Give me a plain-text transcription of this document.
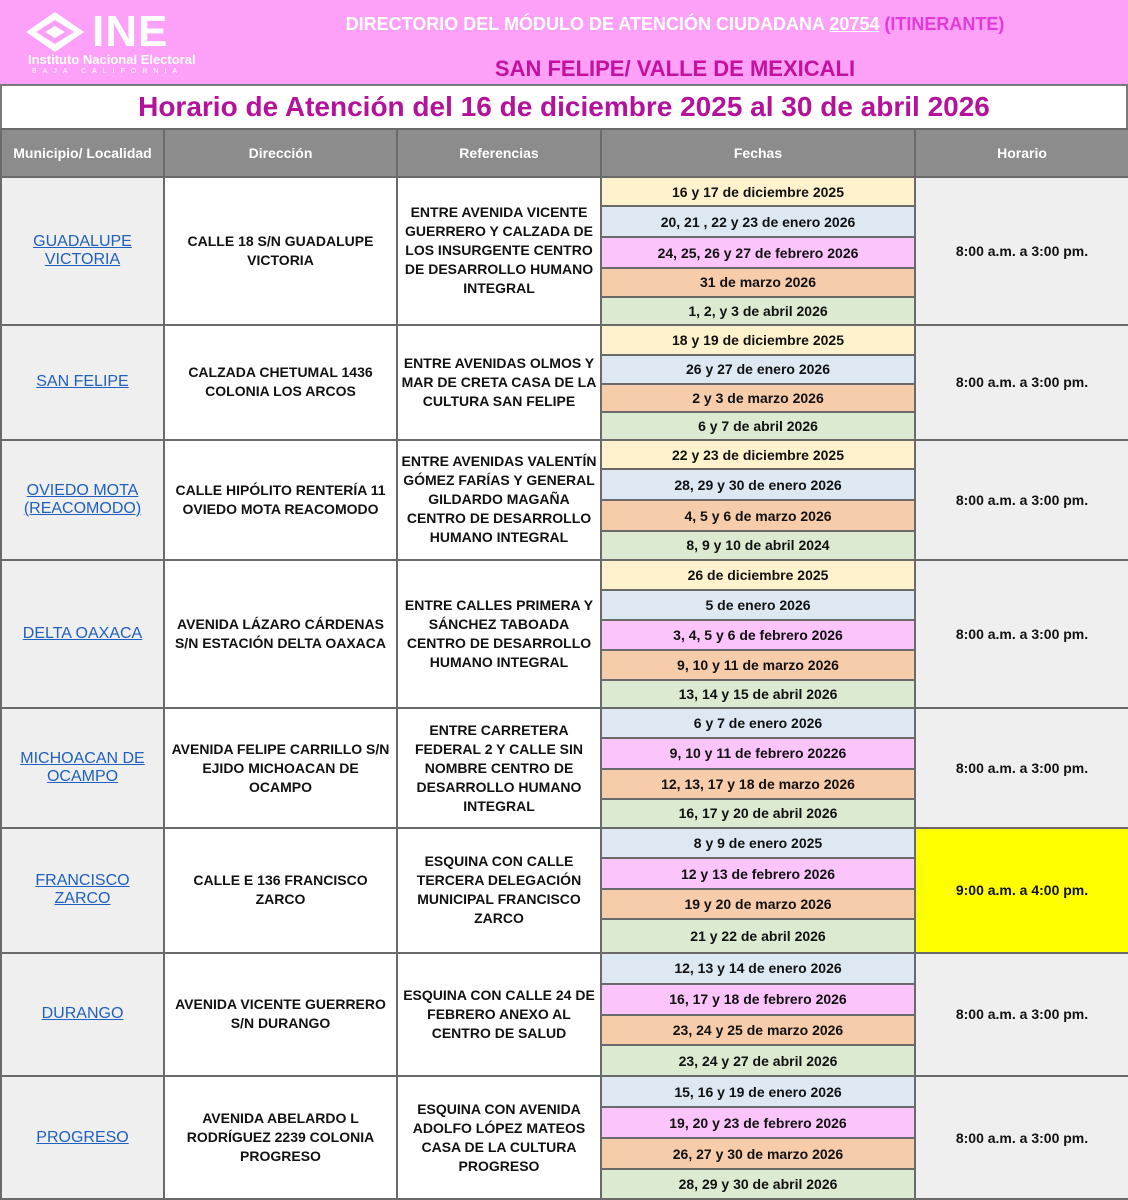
INE
Instituto Nacional Electoral
BAJA CALIFORNIA
DIRECTORIO DEL MÓDULO DE ATENCIÓN CIUDADANA 20754 (ITINERANTE)
SAN FELIPE/ VALLE DE MEXICALI
Horario de Atención del 16 de diciembre 2025 al 30 de abril 2026
Municipio/ Localidad	Dirección	Referencias	Fechas	Horario
GUADALUPE VICTORIA	CALLE 18 S/N GUADALUPE VICTORIA	ENTRE AVENIDA VICENTE GUERRERO Y CALZADA DE LOS INSURGENTE CENTRO DE DESARROLLO HUMANO INTEGRAL	16 y 17 de diciembre 2025	8:00 a.m. a 3:00 pm.
			20, 21 , 22 y 23 de enero 2026	
			24, 25, 26 y 27 de febrero 2026	
			31 de marzo 2026	
			1, 2, y 3 de abril 2026	
SAN FELIPE	CALZADA CHETUMAL 1436 COLONIA LOS ARCOS	ENTRE AVENIDAS OLMOS Y MAR DE CRETA CASA DE LA CULTURA SAN FELIPE	18 y 19 de diciembre 2025	8:00 a.m. a 3:00 pm.
			26 y 27 de enero 2026	
			2 y 3 de marzo 2026	
			6 y 7 de abril 2026	
OVIEDO MOTA (REACOMODO)	CALLE HIPÓLITO RENTERÍA 11 OVIEDO MOTA REACOMODO	ENTRE AVENIDAS VALENTÍN GÓMEZ FARÍAS Y GENERAL GILDARDO MAGAÑA CENTRO DE DESARROLLO HUMANO INTEGRAL	22 y 23 de diciembre 2025	8:00 a.m. a 3:00 pm.
			28, 29 y 30 de enero 2026	
			4, 5 y 6 de marzo 2026	
			8, 9 y 10 de abril 2024	
DELTA OAXACA	AVENIDA LÁZARO CÁRDENAS S/N ESTACIÓN DELTA OAXACA	ENTRE CALLES PRIMERA Y SÁNCHEZ TABOADA CENTRO DE DESARROLLO HUMANO INTEGRAL	26 de diciembre 2025	8:00 a.m. a 3:00 pm.
			5 de enero 2026	
			3, 4, 5 y 6 de febrero 2026	
			9, 10 y 11 de marzo 2026	
			13, 14 y 15 de abril 2026	
MICHOACAN DE OCAMPO	AVENIDA FELIPE CARRILLO S/N EJIDO MICHOACAN DE OCAMPO	ENTRE CARRETERA FEDERAL 2 Y CALLE SIN NOMBRE CENTRO DE DESARROLLO HUMANO INTEGRAL	6 y 7 de enero 2026	8:00 a.m. a 3:00 pm.
			9, 10 y 11 de febrero 20226	
			12, 13, 17 y 18 de marzo 2026	
			16, 17 y 20 de abril 2026	
FRANCISCO ZARCO	CALLE E 136 FRANCISCO ZARCO	ESQUINA CON CALLE TERCERA DELEGACIÓN MUNICIPAL FRANCISCO ZARCO	8 y 9 de enero 2025	9:00 a.m. a 4:00 pm.
			12 y 13 de febrero 2026	
			19 y 20 de marzo 2026	
			21 y 22 de abril 2026	
DURANGO	AVENIDA VICENTE GUERRERO S/N DURANGO	ESQUINA CON CALLE 24 DE FEBRERO ANEXO AL CENTRO DE SALUD	12, 13 y 14 de enero 2026	8:00 a.m. a 3:00 pm.
			16, 17 y 18 de febrero 2026	
			23, 24 y 25 de marzo 2026	
			23, 24 y 27 de abril 2026	
PROGRESO	AVENIDA ABELARDO L RODRÍGUEZ 2239 COLONIA PROGRESO	ESQUINA CON AVENIDA ADOLFO LÓPEZ MATEOS CASA DE LA CULTURA PROGRESO	15, 16 y 19 de enero 2026	8:00 a.m. a 3:00 pm.
			19, 20 y 23 de febrero 2026	
			26, 27 y 30 de marzo 2026	
			28, 29 y 30 de abril 2026	
